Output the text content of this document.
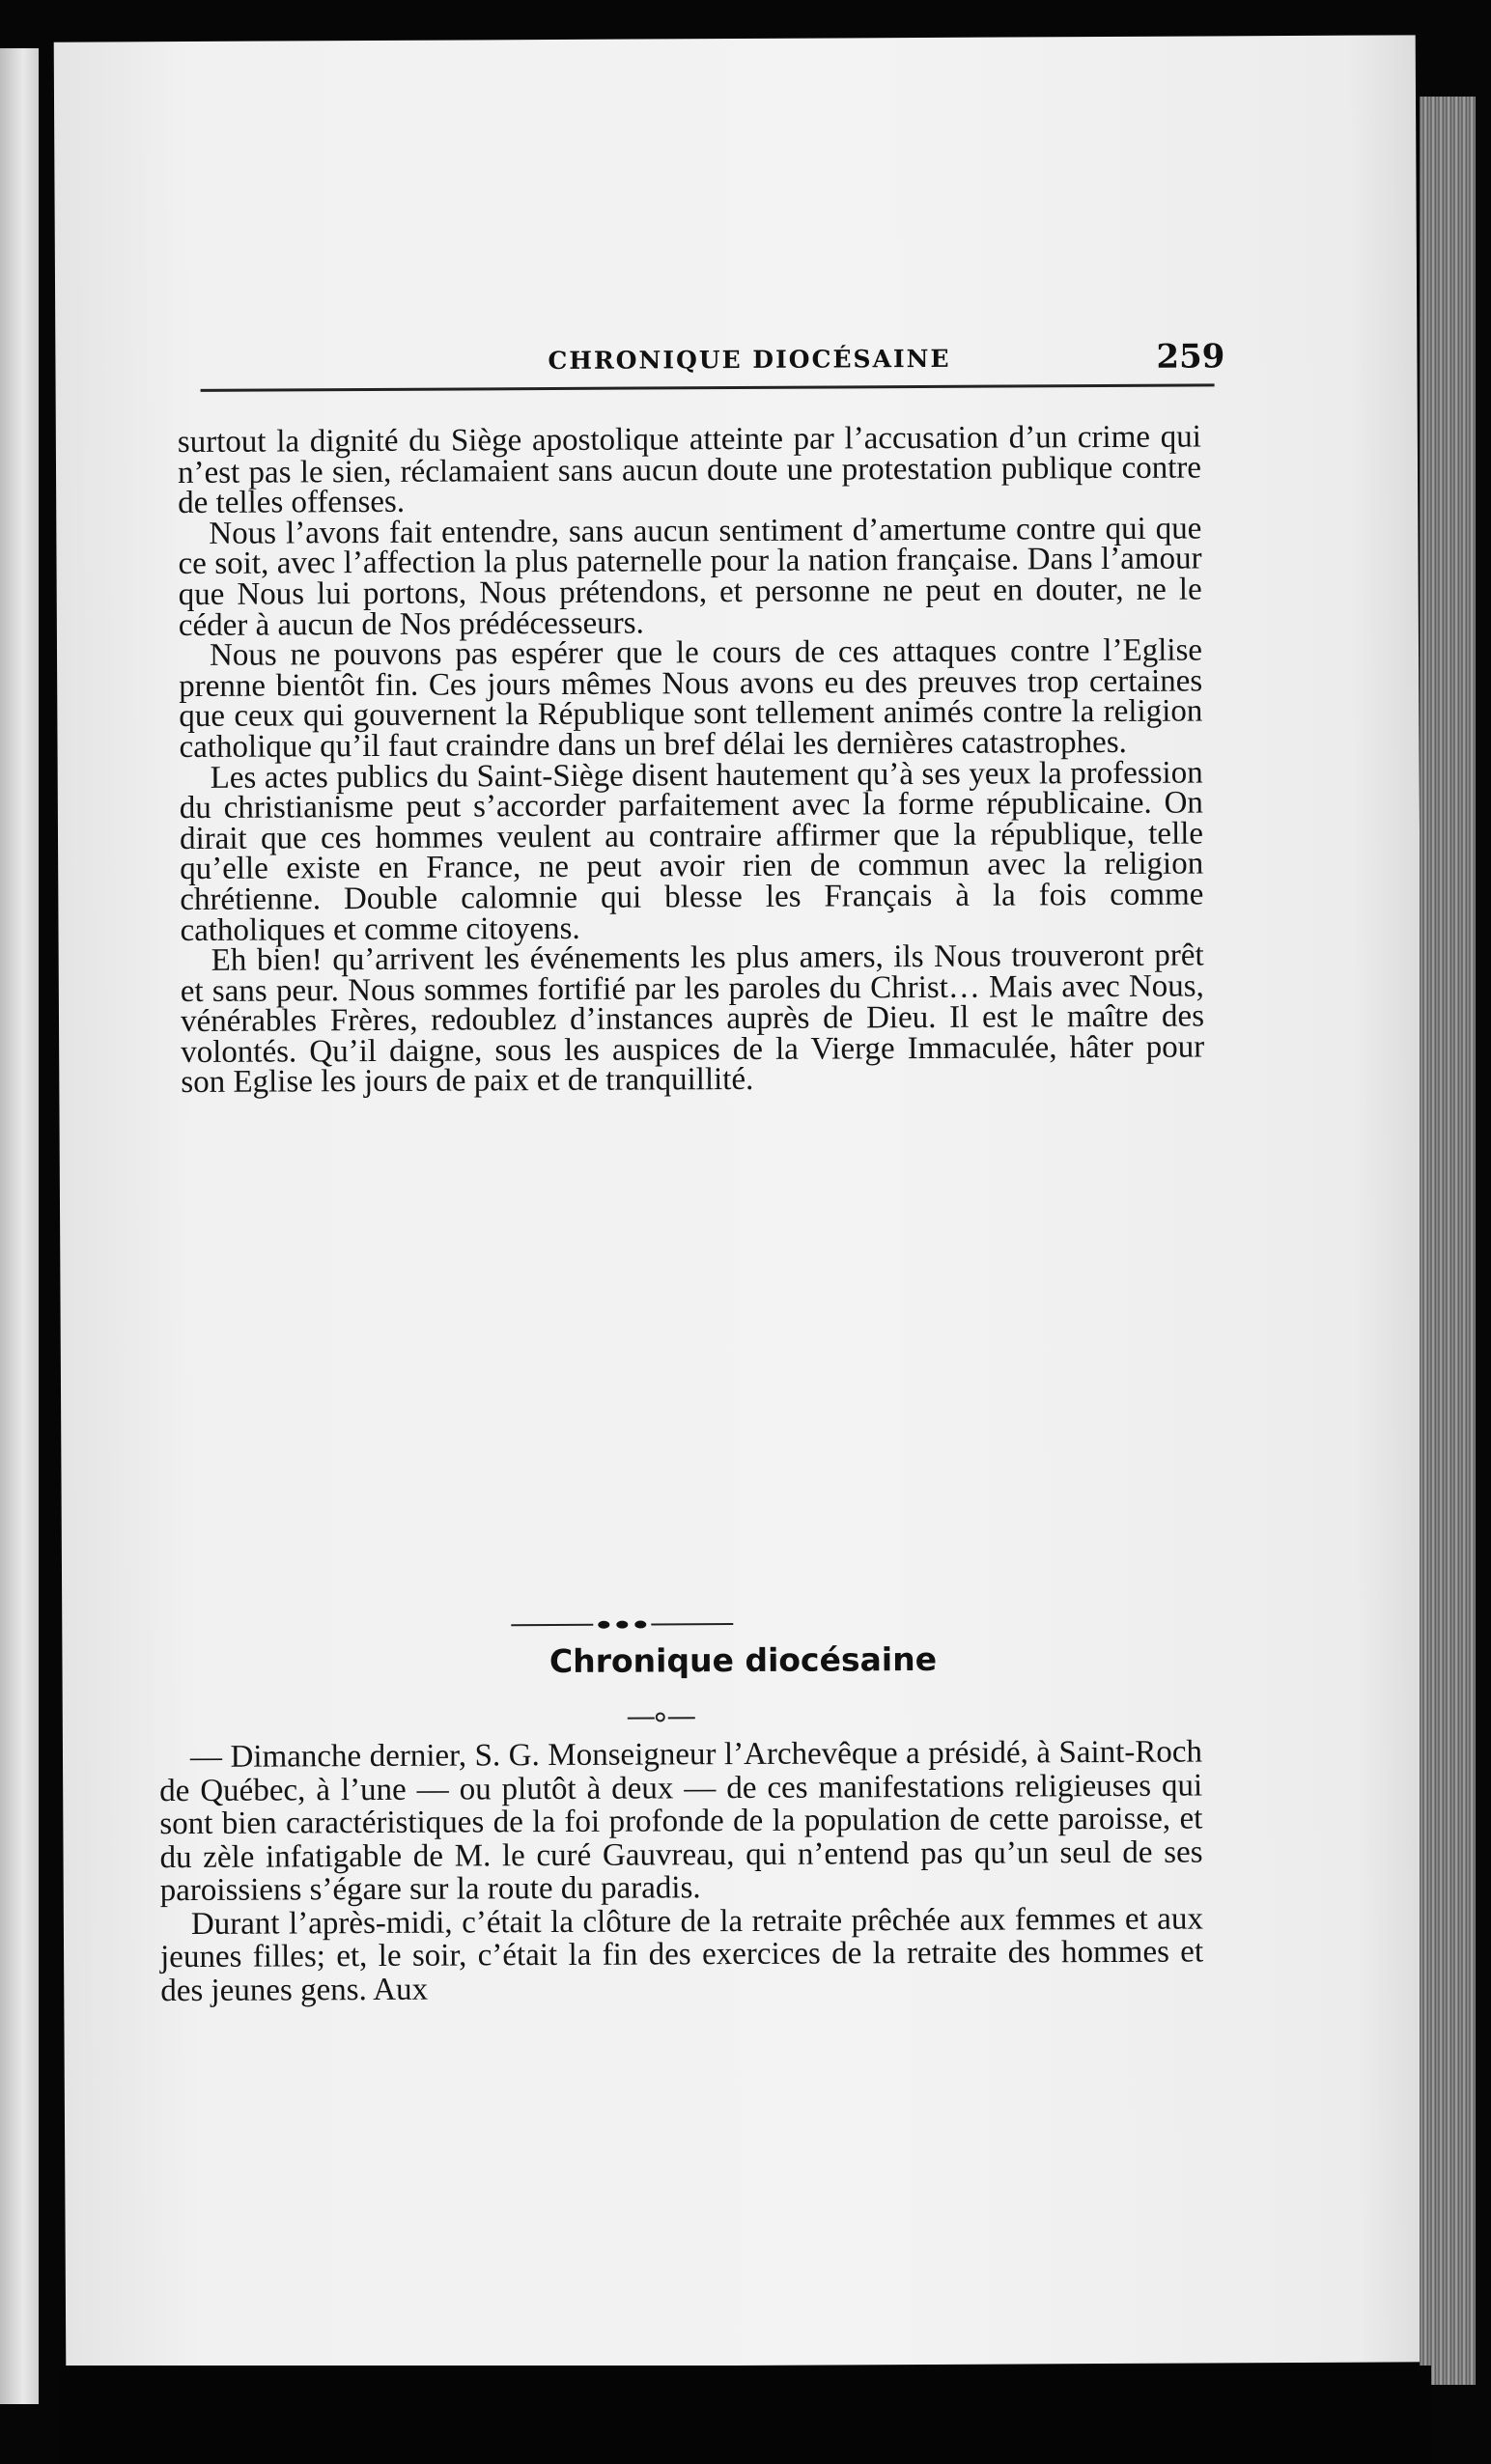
CHRONIQUE DIOCÉSAINE	259

surtout la dignité du Siège apostolique atteinte par l’accusation d’un crime qui n’est pas le sien, réclamaient sans aucun doute une protestation publique contre de telles offenses.

Nous l’avons fait entendre, sans aucun sentiment d’amertume contre qui que ce soit, avec l’affection la plus paternelle pour la nation française. Dans l’amour que Nous lui portons, Nous prétendons, et personne ne peut en douter, ne le céder à aucun de Nos prédécesseurs.

Nous ne pouvons pas espérer que le cours de ces attaques contre l’Eglise prenne bientôt fin. Ces jours mêmes Nous avons eu des preuves trop certaines que ceux qui gouvernent la République sont tellement animés contre la religion catholique qu’il faut craindre dans un bref délai les dernières catastrophes.

Les actes publics du Saint-Siège disent hautement qu’à ses yeux la profession du christianisme peut s’accorder parfaitement avec la forme républicaine. On dirait que ces hommes veulent au contraire affirmer que la république, telle qu’elle existe en France, ne peut avoir rien de commun avec la religion chrétienne. Double calomnie qui blesse les Français à la fois comme catholiques et comme citoyens.

Eh bien! qu’arrivent les événements les plus amers, ils Nous trouveront prêt et sans peur. Nous sommes fortifié par les paroles du Christ… Mais avec Nous, vénérables Frères, redoublez d’instances auprès de Dieu. Il est le maître des volontés. Qu’il daigne, sous les auspices de la Vierge Immaculée, hâter pour son Eglise les jours de paix et de tranquillité.

Chronique diocésaine

— Dimanche dernier, S. G. Monseigneur l’Archevêque a présidé, à Saint-Roch de Québec, à l’une — ou plutôt à deux — de ces manifestations religieuses qui sont bien caractéristiques de la foi profonde de la population de cette paroisse, et du zèle infatigable de M. le curé Gauvreau, qui n’entend pas qu’un seul de ses paroissiens s’égare sur la route du paradis.

Durant l’après-midi, c’était la clôture de la retraite prêchée aux femmes et aux jeunes filles; et, le soir, c’était la fin des exercices de la retraite des hommes et des jeunes gens. Aux
